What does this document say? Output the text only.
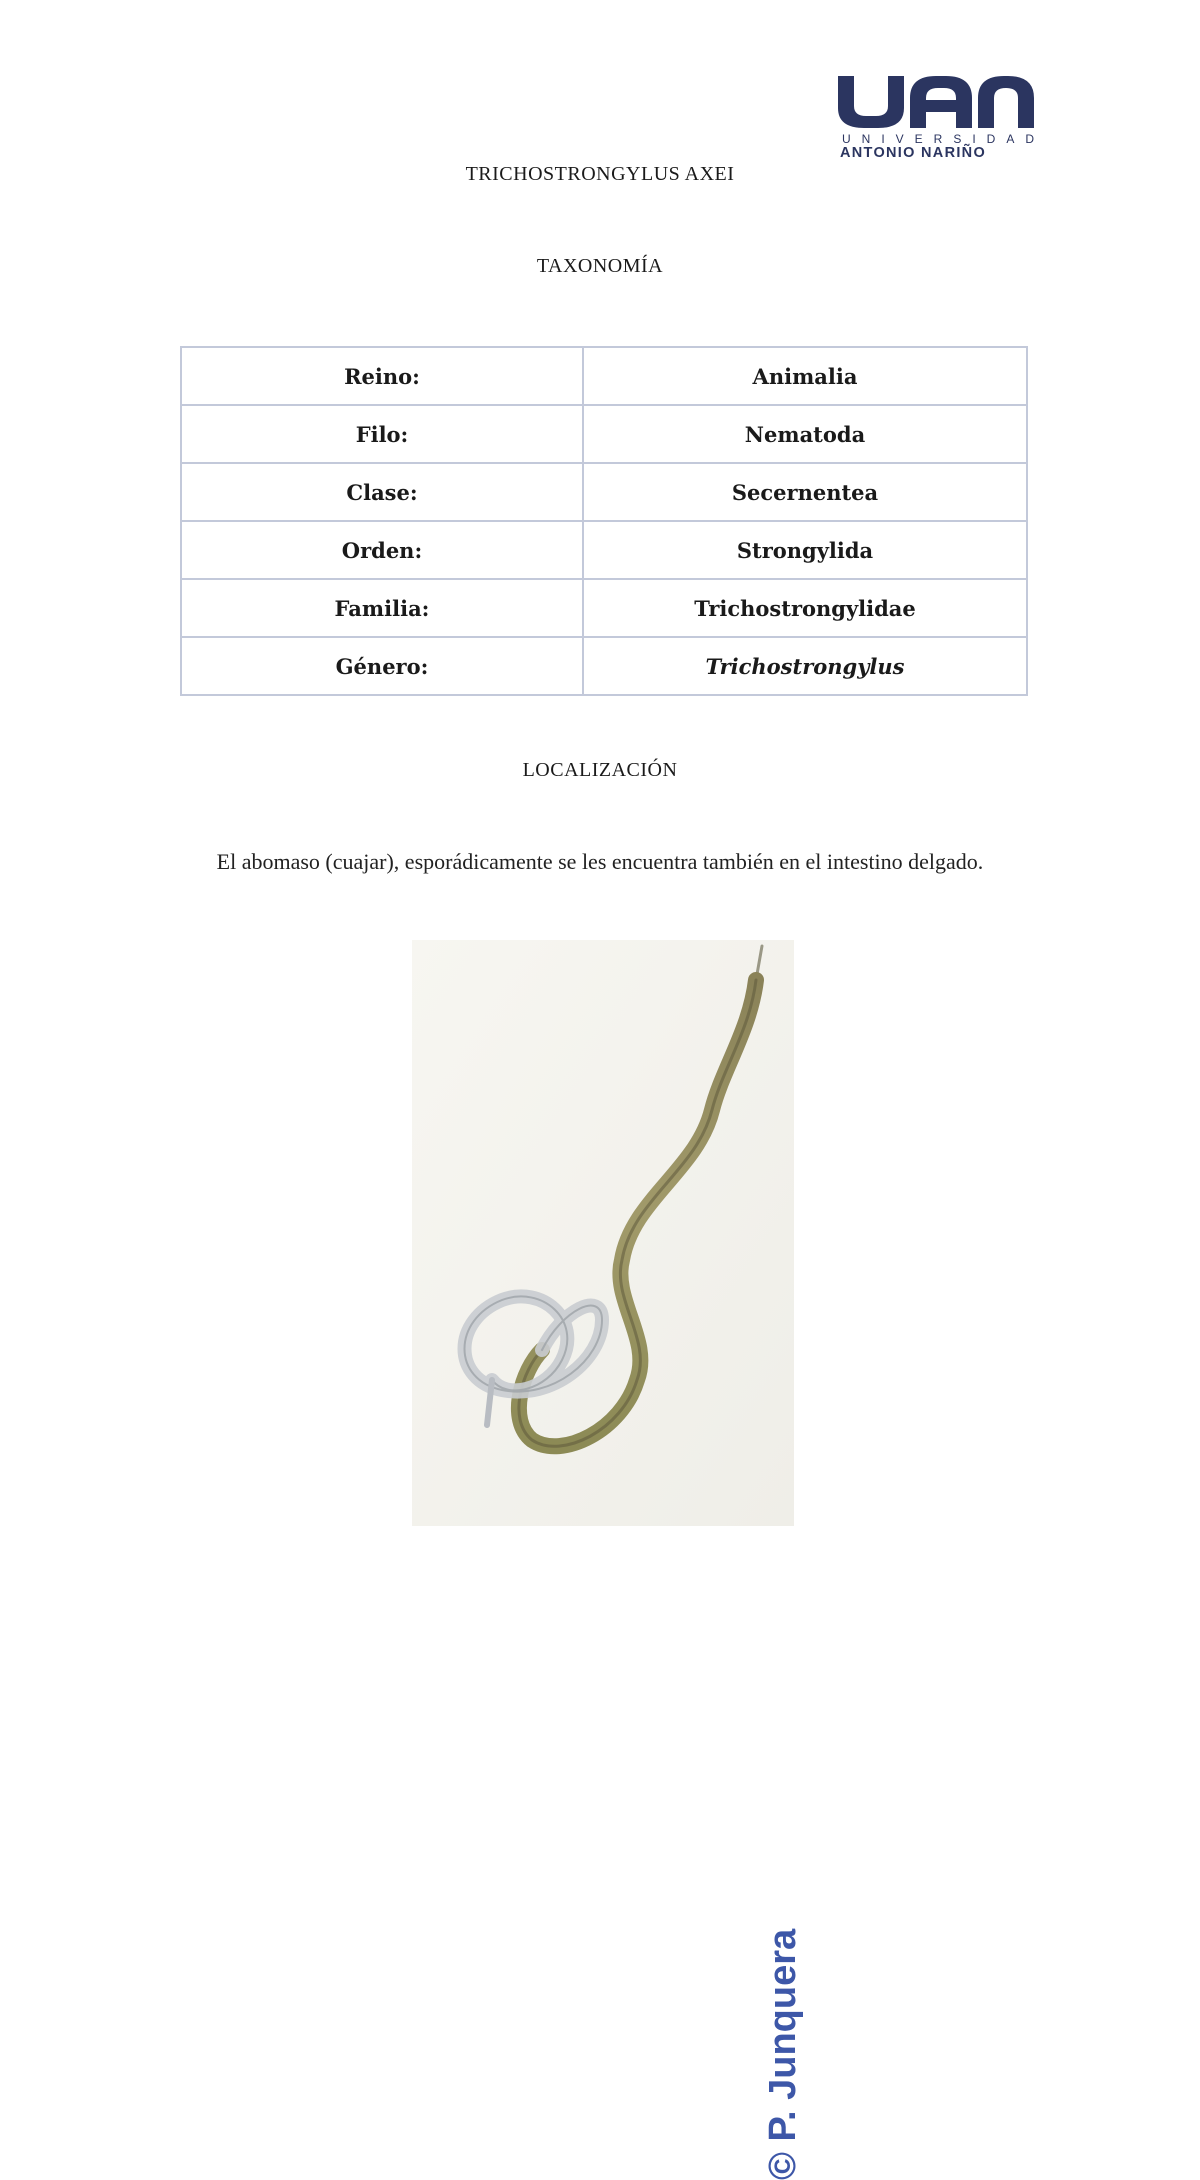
UNIVERSIDAD
ANTONIO NARIÑO
TRICHOSTRONGYLUS AXEI
TAXONOMÍA
Reino:	Animalia
Filo:	Nematoda
Clase:	Secernentea
Orden:	Strongylida
Familia:	Trichostrongylidae
Género:	Trichostrongylus
LOCALIZACIÓN
El abomaso (cuajar), esporádicamente se les encuentra también en el intestino delgado.
© P. Junquera
